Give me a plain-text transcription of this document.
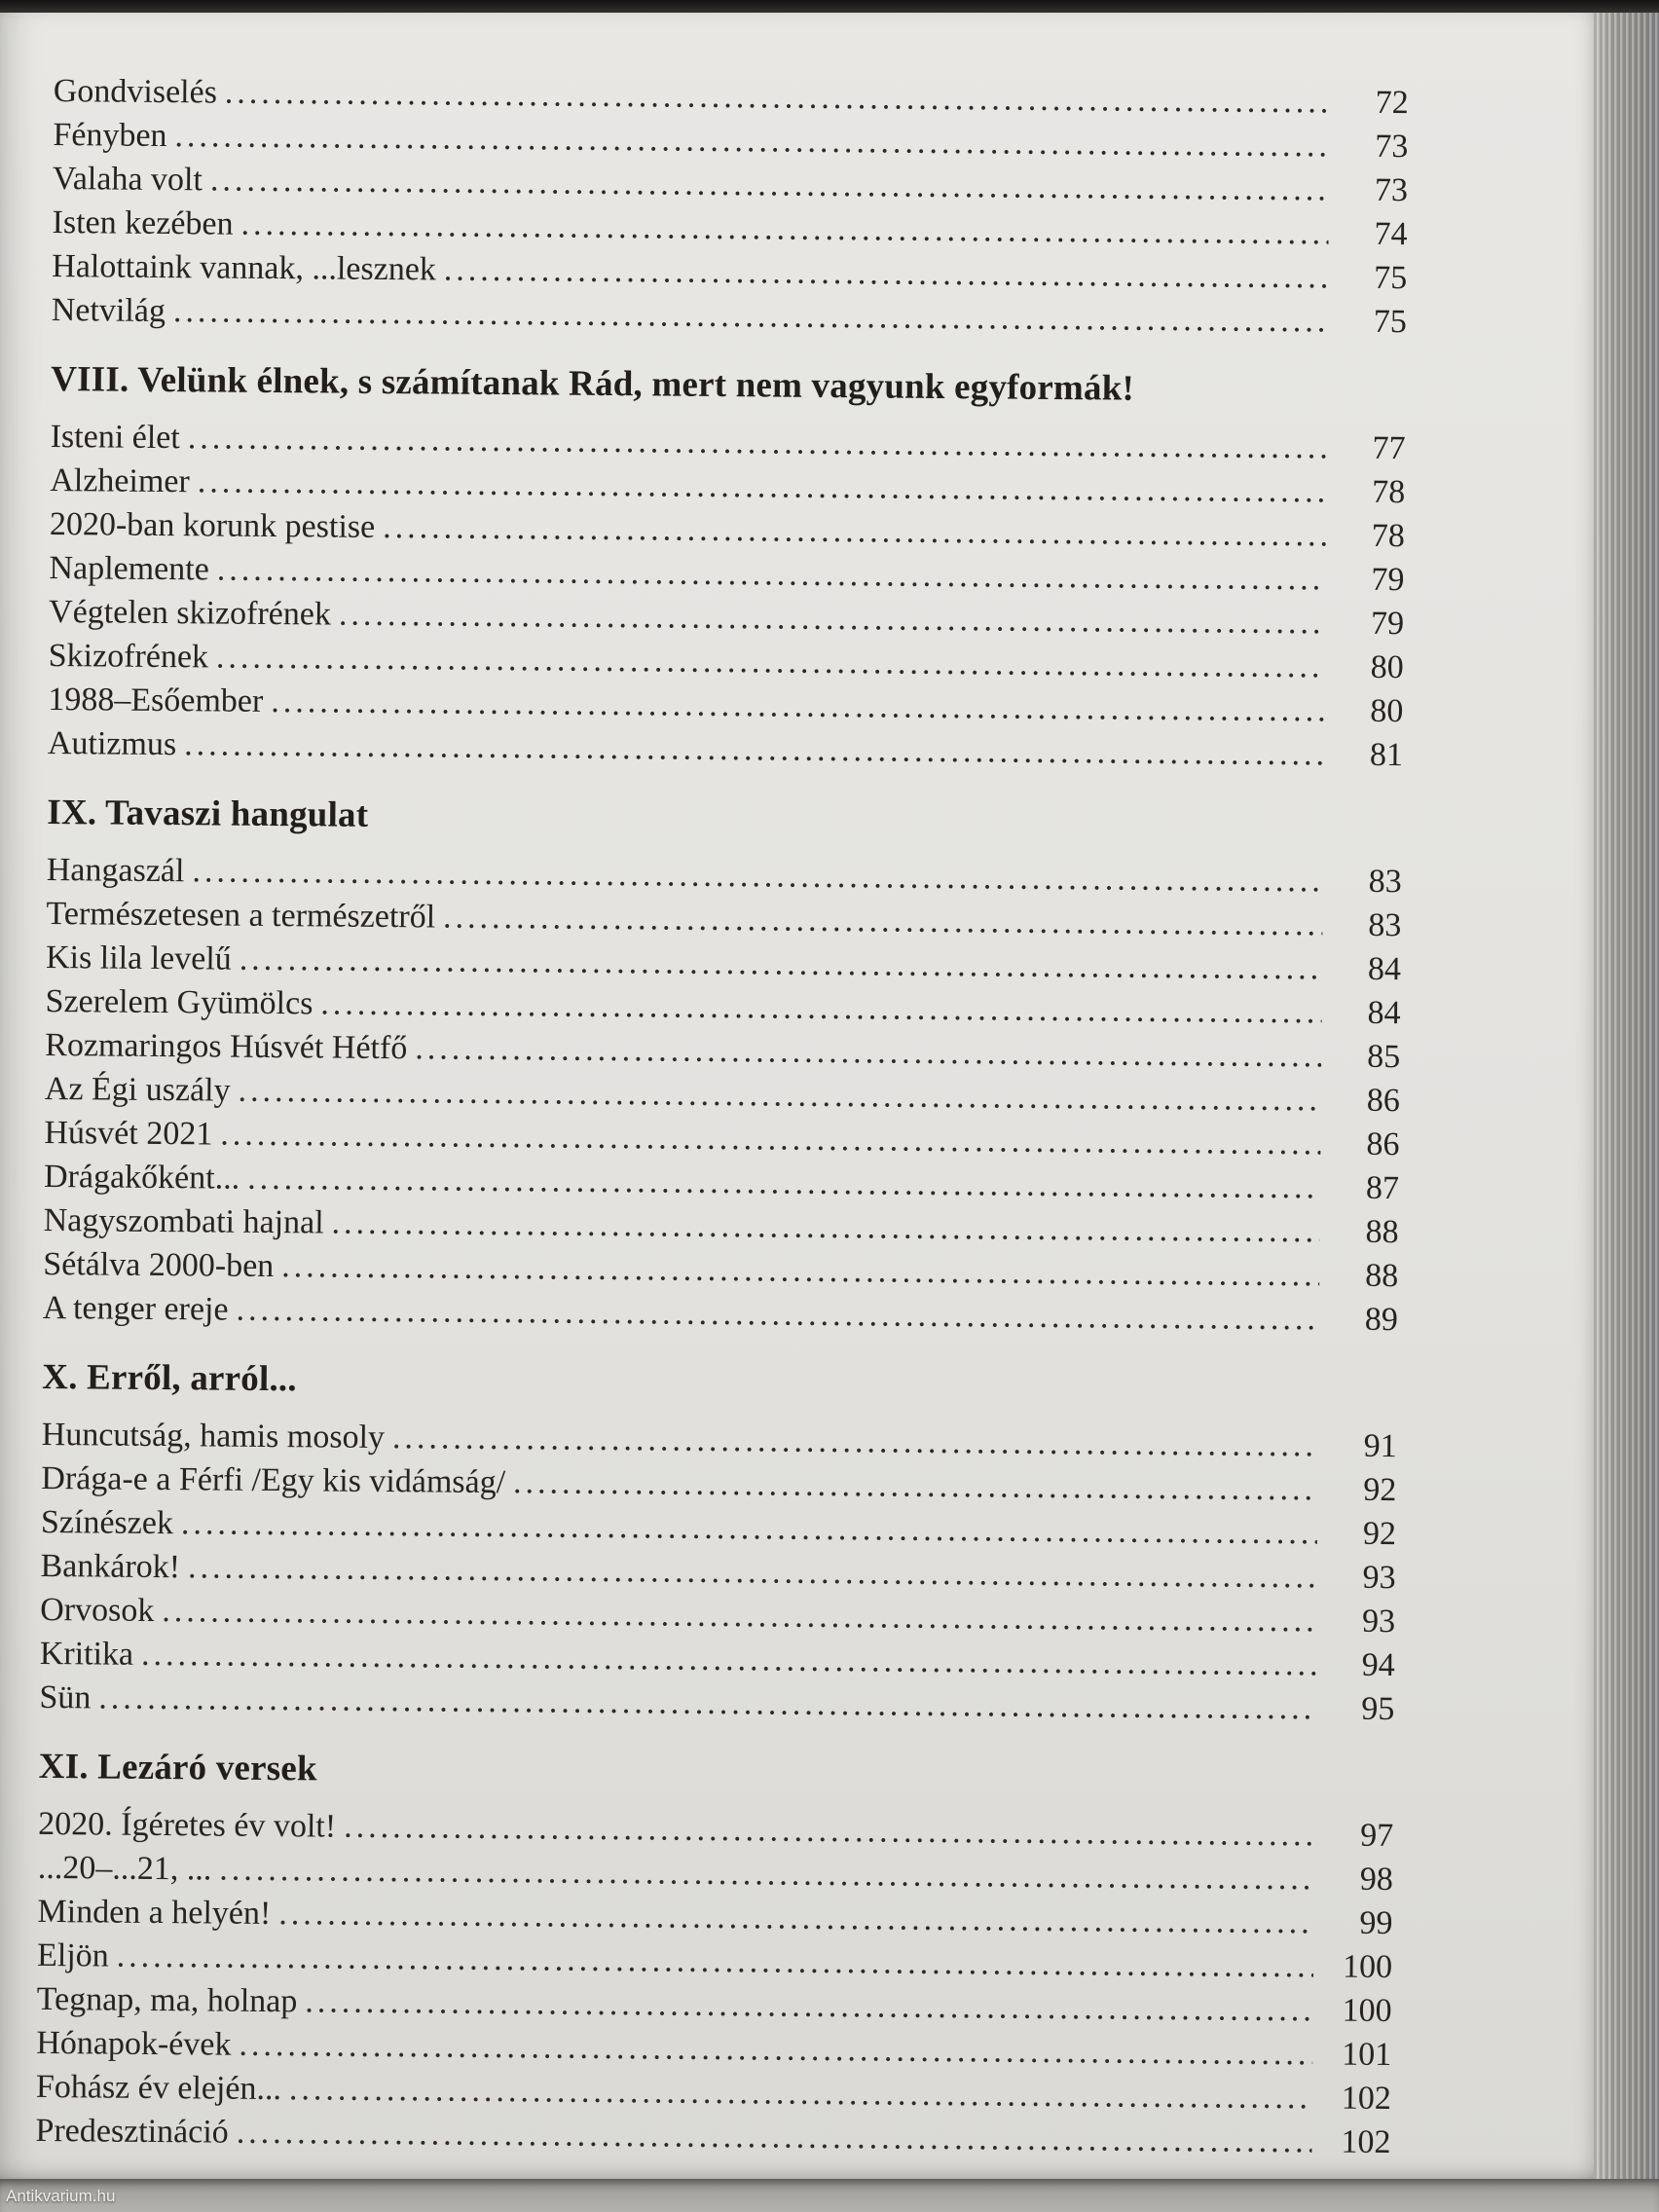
Gondviselés .....	72
Fényben .....	73
Valaha volt .....	73
Isten kezében .....	74
Halottaink vannak, ...lesznek .....	75
Netvilág .....	75
VIII. Velünk élnek, s számítanak Rád, mert nem vagyunk egyformák!
Isteni élet .....	77
Alzheimer .....	78
2020-ban korunk pestise .....	78
Naplemente .....	79
Végtelen skizofrének .....	79
Skizofrének .....	80
1988–Esőember .....	80
Autizmus .....	81
IX. Tavaszi hangulat
Hangaszál .....	83
Természetesen a természetről .....	83
Kis lila levelű .....	84
Szerelem Gyümölcs .....	84
Rozmaringos Húsvét Hétfő .....	85
Az Égi uszály .....	86
Húsvét 2021 .....	86
Drágakőként... .....	87
Nagyszombati hajnal .....	88
Sétálva 2000-ben .....	88
A tenger ereje .....	89
X. Erről, arról...
Huncutság, hamis mosoly .....	91
Drága-e a Férfi /Egy kis vidámság/ .....	92
Színészek .....	92
Bankárok! .....	93
Orvosok .....	93
Kritika .....	94
Sün .....	95
XI. Lezáró versek
2020. Ígéretes év volt! .....	97
...20–...21, ... .....	98
Minden a helyén! .....	99
Eljön .....	100
Tegnap, ma, holnap .....	100
Hónapok-évek .....	101
Fohász év elején... .....	102
Predesztináció .....	102
Antikvarium.hu
